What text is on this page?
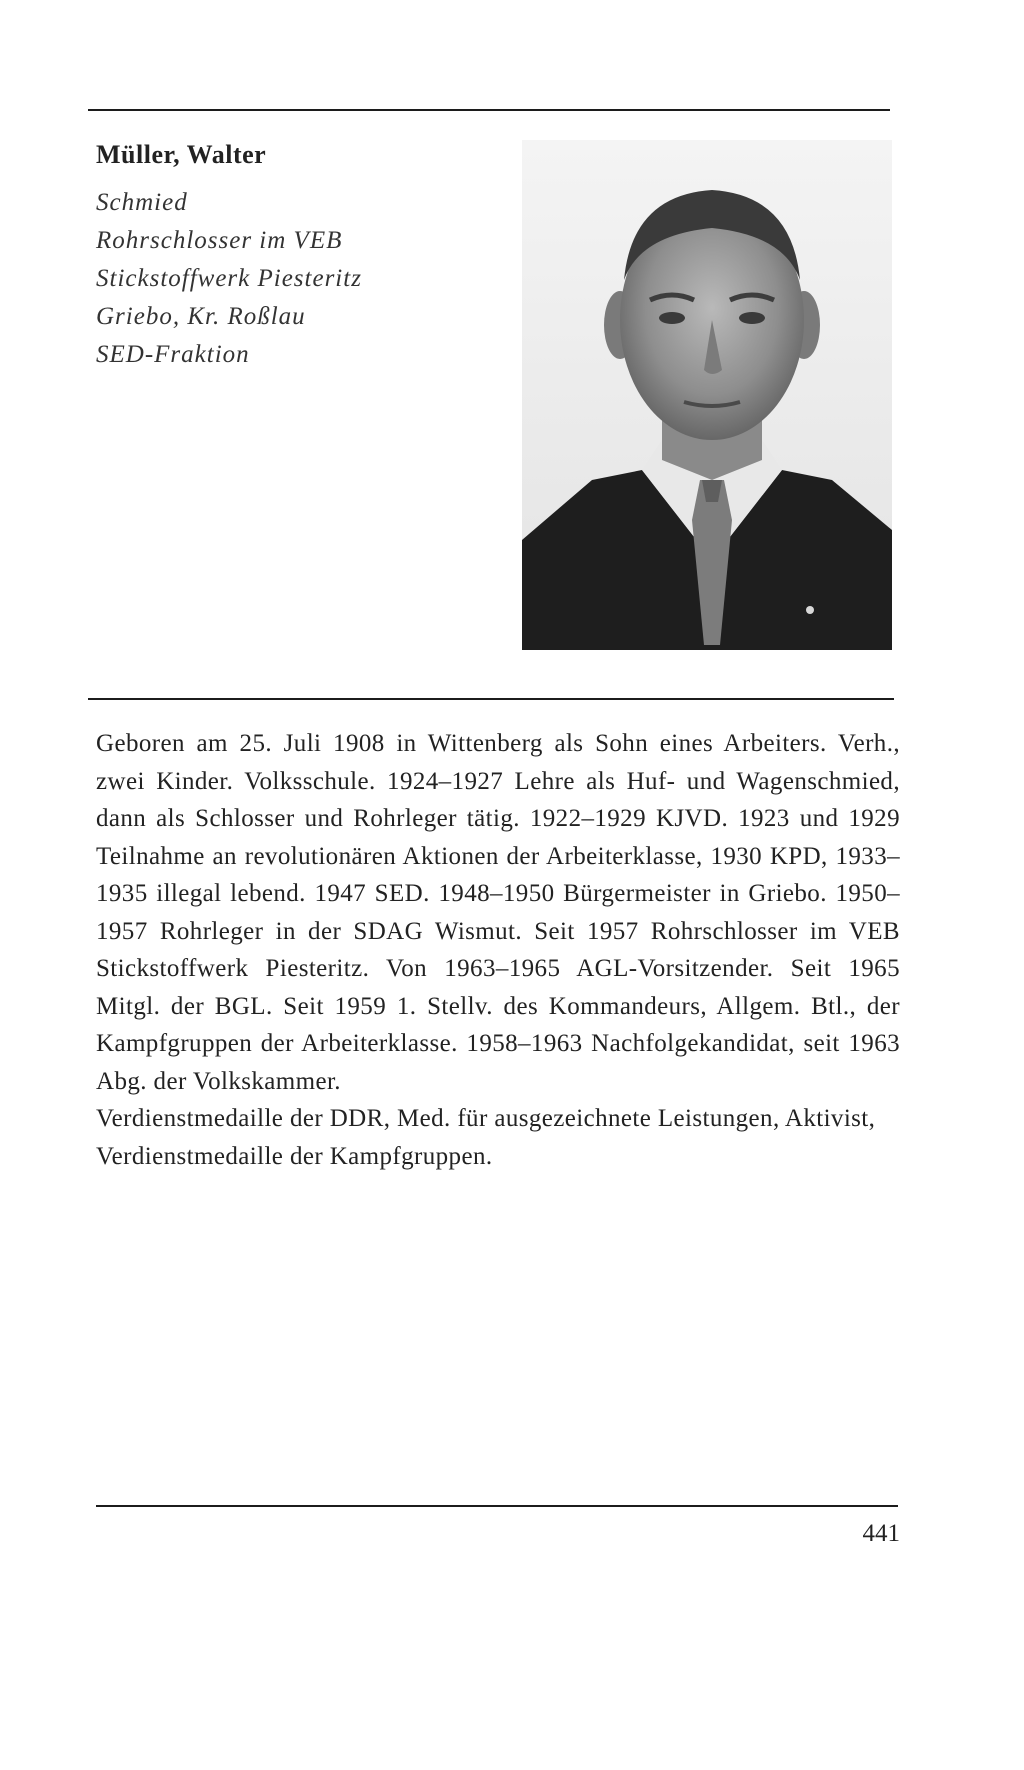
Müller, Walter
Schmied
Rohrschlosser im VEB
Stickstoffwerk Piesteritz
Griebo, Kr. Roßlau
SED-Fraktion

Geboren am 25. Juli 1908 in Wittenberg als Sohn eines Arbeiters. Verh., zwei Kinder. Volksschule. 1924–1927 Lehre als Huf- und Wagenschmied, dann als Schlosser und Rohrleger tätig. 1922–1929 KJVD. 1923 und 1929 Teilnahme an revolutionären Aktionen der Arbeiterklasse, 1930 KPD, 1933–1935 illegal lebend. 1947 SED. 1948–1950 Bürgermeister in Griebo. 1950–1957 Rohrleger in der SDAG Wismut. Seit 1957 Rohrschlosser im VEB Stickstoffwerk Piesteritz. Von 1963–1965 AGL-Vorsitzender. Seit 1965 Mitgl. der BGL. Seit 1959 1. Stellv. des Kommandeurs, Allgem. Btl., der Kampfgruppen der Arbeiterklasse. 1958–1963 Nachfolgekandidat, seit 1963 Abg. der Volkskammer.

Verdienstmedaille der DDR, Med. für ausgezeichnete Leistungen, Aktivist, Verdienstmedaille der Kampfgruppen.

441
